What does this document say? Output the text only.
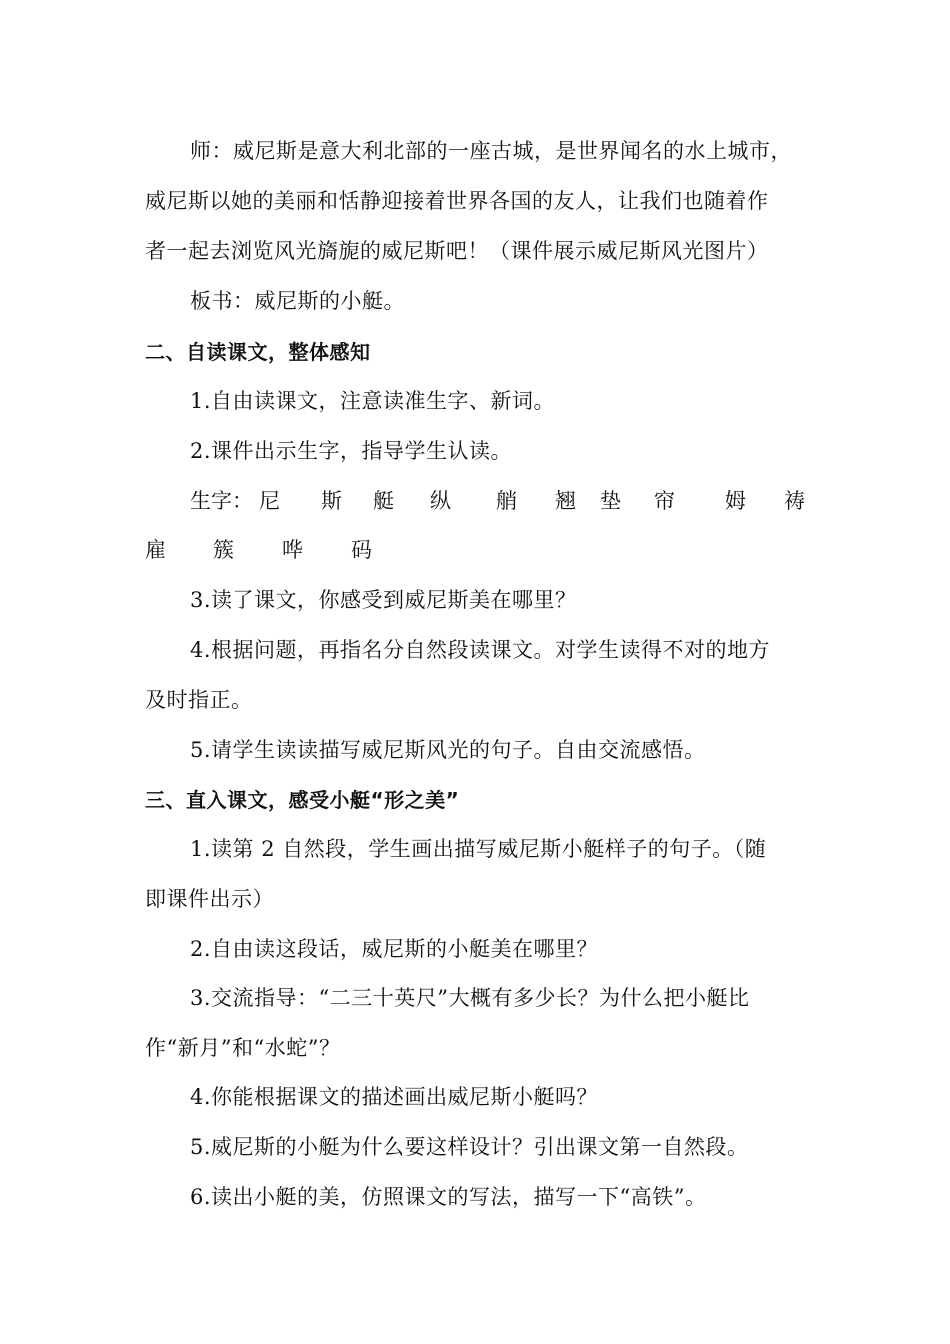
师：威尼斯是意大利北部的一座古城，是世界闻名的水上城市，
威尼斯以她的美丽和恬静迎接着世界各国的友人，让我们也随着作
者一起去浏览风光旖旎的威尼斯吧！（课件展示威尼斯风光图片）
板书：威尼斯的小艇。
二、自读课文，整体感知
1.自由读课文，注意读准生字、新词。
2.课件出示生字，指导学生认读。
生字： 尼 斯 艇 纵 艄 翘 垫 帘 姆 祷
雇 簇 哗 码
3.读了课文，你感受到威尼斯美在哪里？
4.根据问题，再指名分自然段读课文。对学生读得不对的地方
及时指正。
5.请学生读读描写威尼斯风光的句子。自由交流感悟。
三、直入课文，感受小艇“形之美”
1.读第 2 自然段，学生画出描写威尼斯小艇样子的句子。（随
即课件出示）
2.自由读这段话，威尼斯的小艇美在哪里？
3.交流指导：“二三十英尺”大概有多少长？为什么把小艇比
作“新月”和“水蛇”？
4.你能根据课文的描述画出威尼斯小艇吗？
5.威尼斯的小艇为什么要这样设计？引出课文第一自然段。
6.读出小艇的美，仿照课文的写法，描写一下“高铁”。
